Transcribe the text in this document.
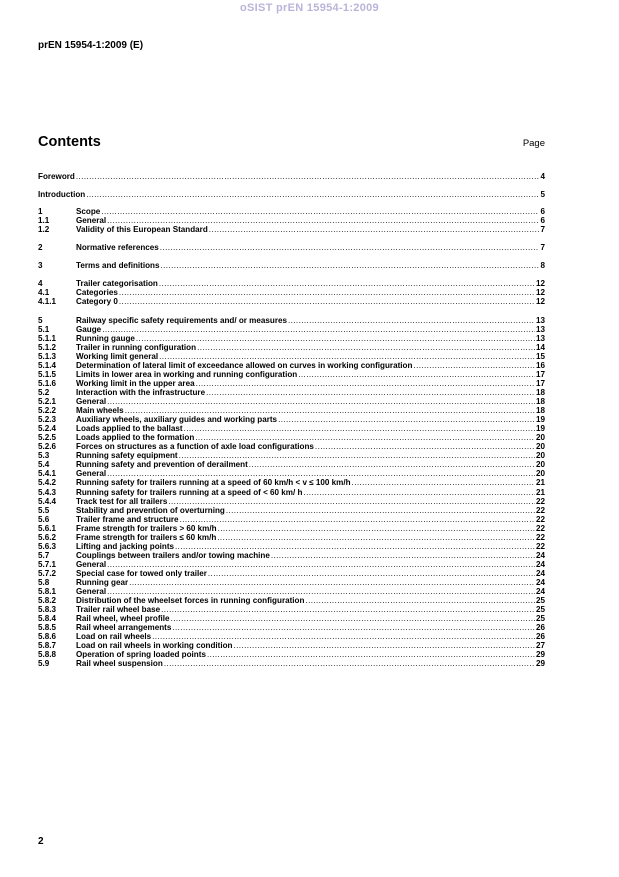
oSIST prEN 15954-1:2009
prEN 15954-1:2009 (E)
Contents	Page
Foreword .....	4
Introduction .....	5
1	Scope .....	6
1.1	General .....	6
1.2	Validity of this European Standard .....	7
2	Normative references .....	7
3	Terms and definitions .....	8
4	Trailer categorisation .....	12
4.1	Categories .....	12
4.1.1	Category 0 .....	12
5	Railway specific safety requirements and/ or measures .....	13
5.1	Gauge .....	13
5.1.1	Running gauge .....	13
5.1.2	Trailer in running configuration .....	14
5.1.3	Working limit general .....	15
5.1.4	Determination of lateral limit of exceedance allowed on curves in working configuration .....	16
5.1.5	Limits in lower area in working and running configuration .....	17
5.1.6	Working limit in the upper area .....	17
5.2	Interaction with the infrastructure .....	18
5.2.1	General .....	18
5.2.2	Main wheels .....	18
5.2.3	Auxiliary wheels, auxiliary guides and working parts .....	19
5.2.4	Loads applied to the ballast .....	19
5.2.5	Loads applied to the formation .....	20
5.2.6	Forces on structures as a function of axle load configurations .....	20
5.3	Running safety equipment .....	20
5.4	Running safety and prevention of derailment .....	20
5.4.1	General .....	20
5.4.2	Running safety for trailers running at a speed of 60 km/h < v ≤ 100 km/h .....	21
5.4.3	Running safety for trailers running at a speed of < 60 km/ h .....	21
5.4.4	Track test for all trailers .....	22
5.5	Stability and prevention of overturning .....	22
5.6	Trailer frame and structure .....	22
5.6.1	Frame strength for trailers > 60 km/h .....	22
5.6.2	Frame strength for trailers ≤ 60 km/h .....	22
5.6.3	Lifting and jacking points .....	22
5.7	Couplings between trailers and/or towing machine .....	24
5.7.1	General .....	24
5.7.2	Special case for towed only trailer .....	24
5.8	Running gear .....	24
5.8.1	General .....	24
5.8.2	Distribution of the wheelset forces in running configuration .....	25
5.8.3	Trailer rail wheel base .....	25
5.8.4	Rail wheel, wheel profile .....	25
5.8.5	Rail wheel arrangements .....	26
5.8.6	Load on rail wheels .....	26
5.8.7	Load on rail wheels in working condition .....	27
5.8.8	Operation of spring loaded points .....	29
5.9	Rail wheel suspension .....	29
2
